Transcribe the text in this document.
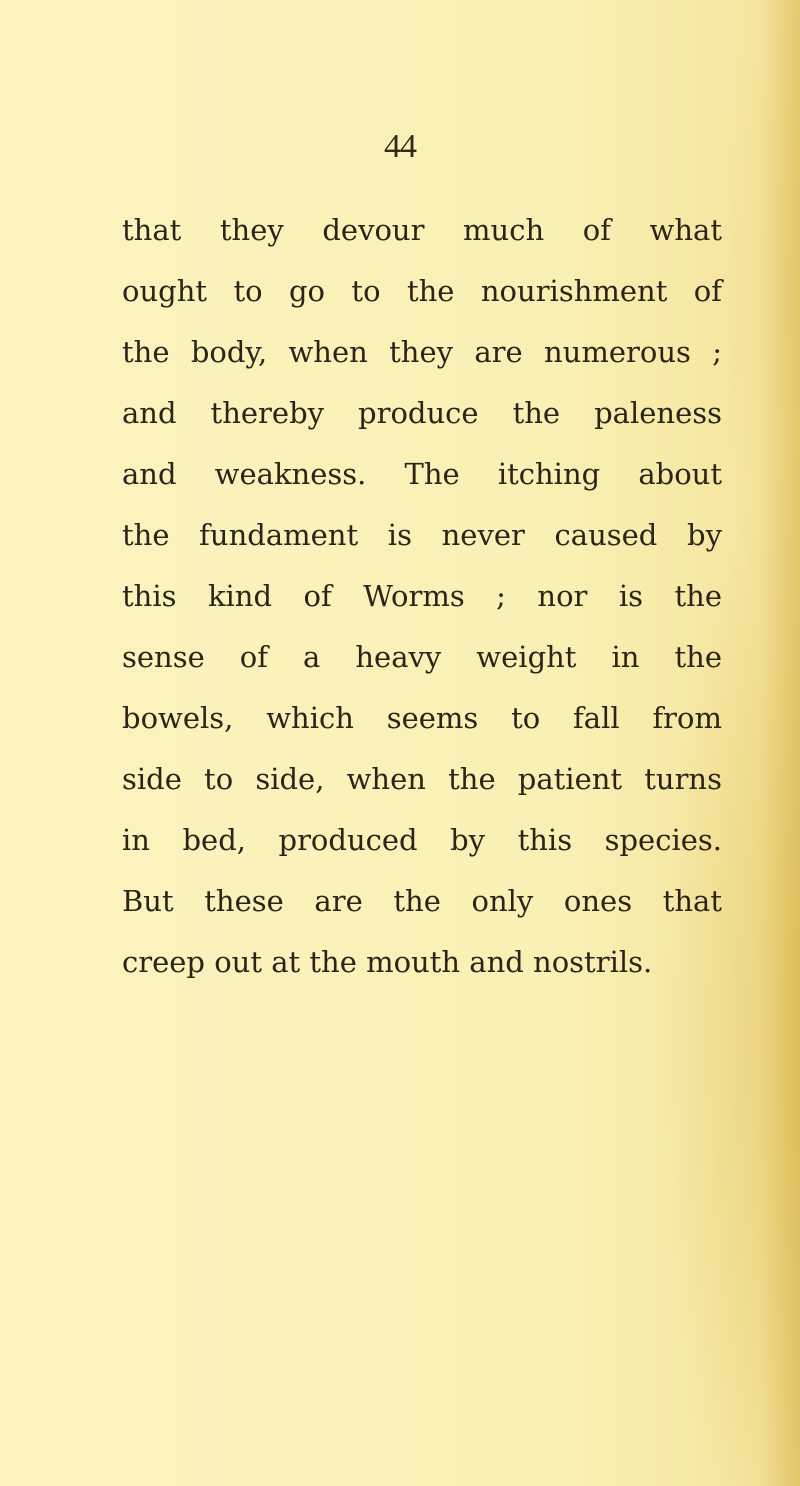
44
that they devour much of what
ought to go to the nourishment of
the body, when they are numerous ;
and thereby produce the paleness
and weakness. The itching about
the fundament is never caused by
this kind of Worms ; nor is the
sense of a heavy weight in the
bowels, which seems to fall from
side to side, when the patient turns
in bed, produced by this species.
But these are the only ones that
creep out at the mouth and nostrils.
